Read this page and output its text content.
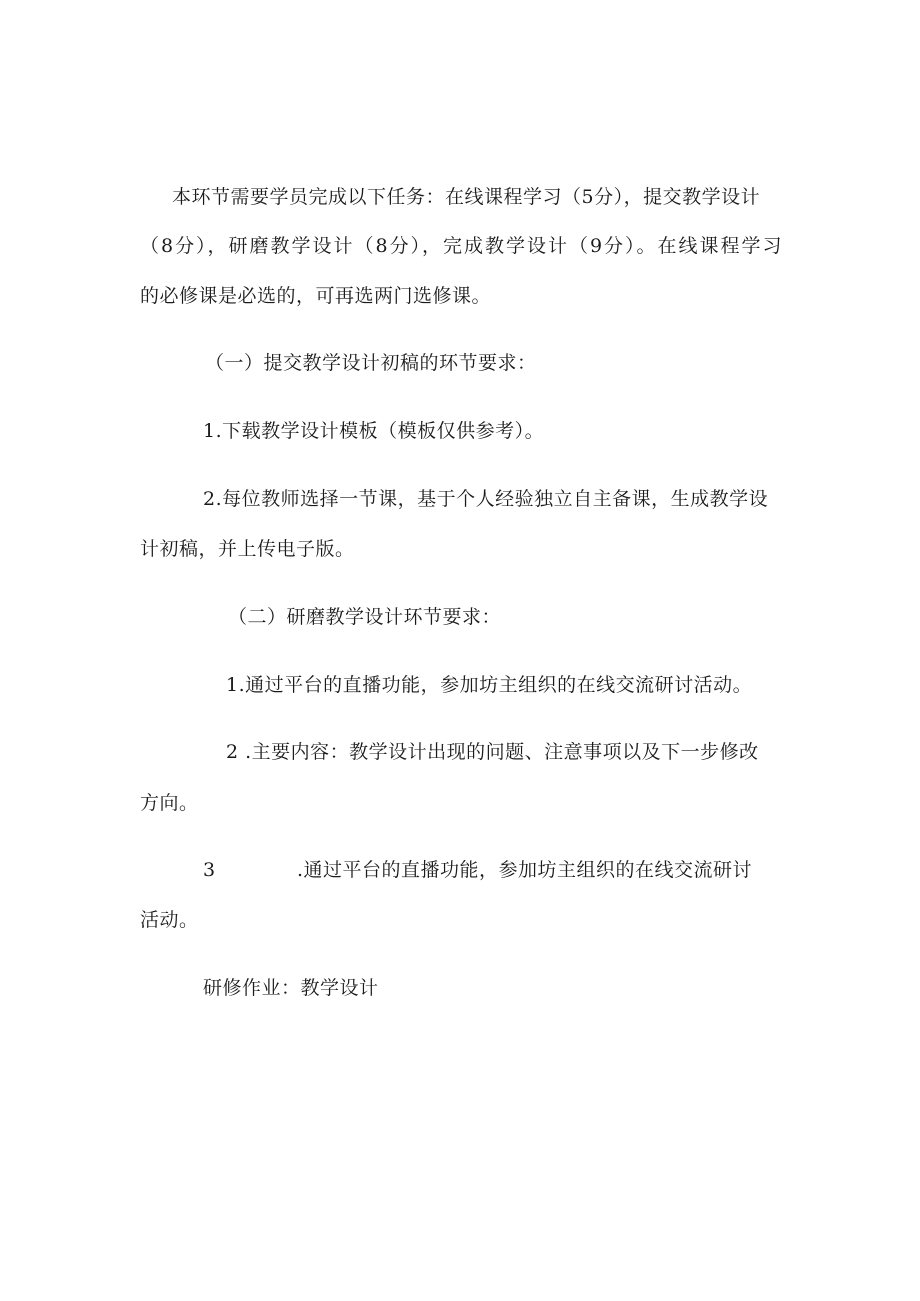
本环节需要学员完成以下任务：在线课程学习（5分），提交教学设计
（8分），研磨教学设计（8分），完成教学设计（9分）。在线课程学习
的必修课是必选的，可再选两门选修课。
（一）提交教学设计初稿的环节要求：
1.下载教学设计模板（模板仅供参考）。
2.每位教师选择一节课，基于个人经验独立自主备课，生成教学设
计初稿，并上传电子版。
（二）研磨教学设计环节要求：
1.通过平台的直播功能，参加坊主组织的在线交流研讨活动。
2 .主要内容：教学设计出现的问题、注意事项以及下一步修改
方向。
3	.通过平台的直播功能，参加坊主组织的在线交流研讨
活动。
研修作业：教学设计
